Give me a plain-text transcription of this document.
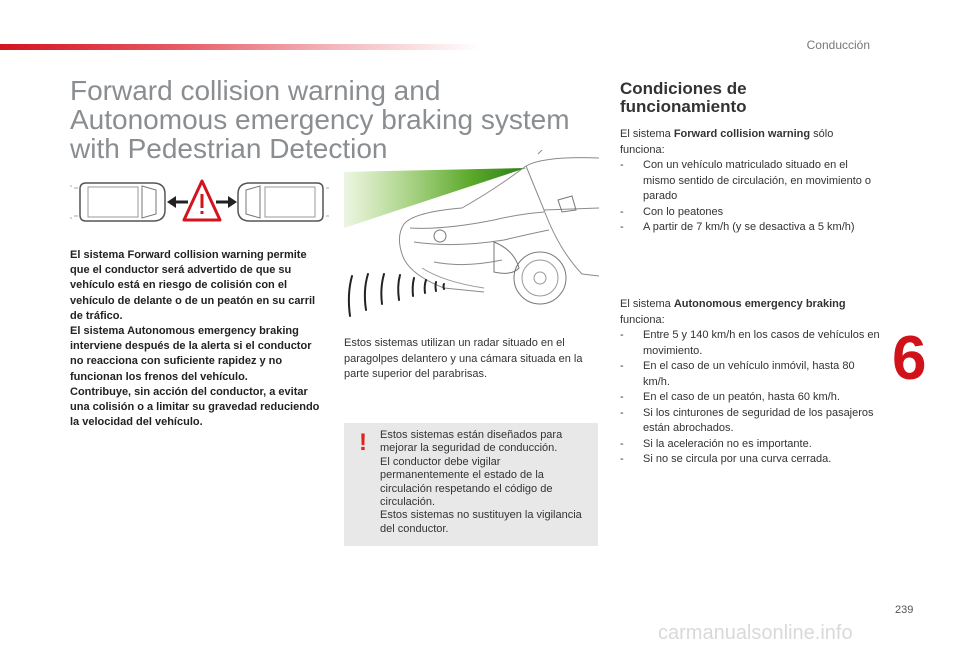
Conducción
Forward collision warning and
Autonomous emergency braking system
with Pedestrian Detection

El sistema Forward collision warning permite que el conductor será advertido de que su vehículo está en riesgo de colisión con el vehículo de delante o de un peatón en su carril de tráfico.

El sistema Autonomous emergency braking interviene después de la alerta si el conductor no reacciona con suficiente rapidez y no funcionan los frenos del vehículo.

Contribuye, sin acción del conductor, a evitar una colisión o a limitar su gravedad reduciendo la velocidad del vehículo.

Estos sistemas utilizan un radar situado en el paragolpes delantero y una cámara situada en la parte superior del parabrisas.

! Estos sistemas están diseñados para mejorar la seguridad de conducción.

El conductor debe vigilar permanentemente el estado de la circulación respetando el código de circulación.

Estos sistemas no sustituyen la vigilancia del conductor.

Condiciones de
funcionamiento

El sistema Forward collision warning sólo funciona:

- Con un vehículo matriculado situado en el mismo sentido de circulación, en movimiento o parado
- Con lo peatones
- A partir de 7 km/h (y se desactiva a 5 km/h)

El sistema Autonomous emergency braking funciona:

- Entre 5 y 140 km/h en los casos de vehículos en movimiento.
- En el caso de un vehículo inmóvil, hasta 80 km/h.
- En el caso de un peatón, hasta 60 km/h.
- Si los cinturones de seguridad de los pasajeros están abrochados.
- Si la aceleración no es importante.
- Si no se circula por una curva cerrada.
6
239
carmanualsonline.info
